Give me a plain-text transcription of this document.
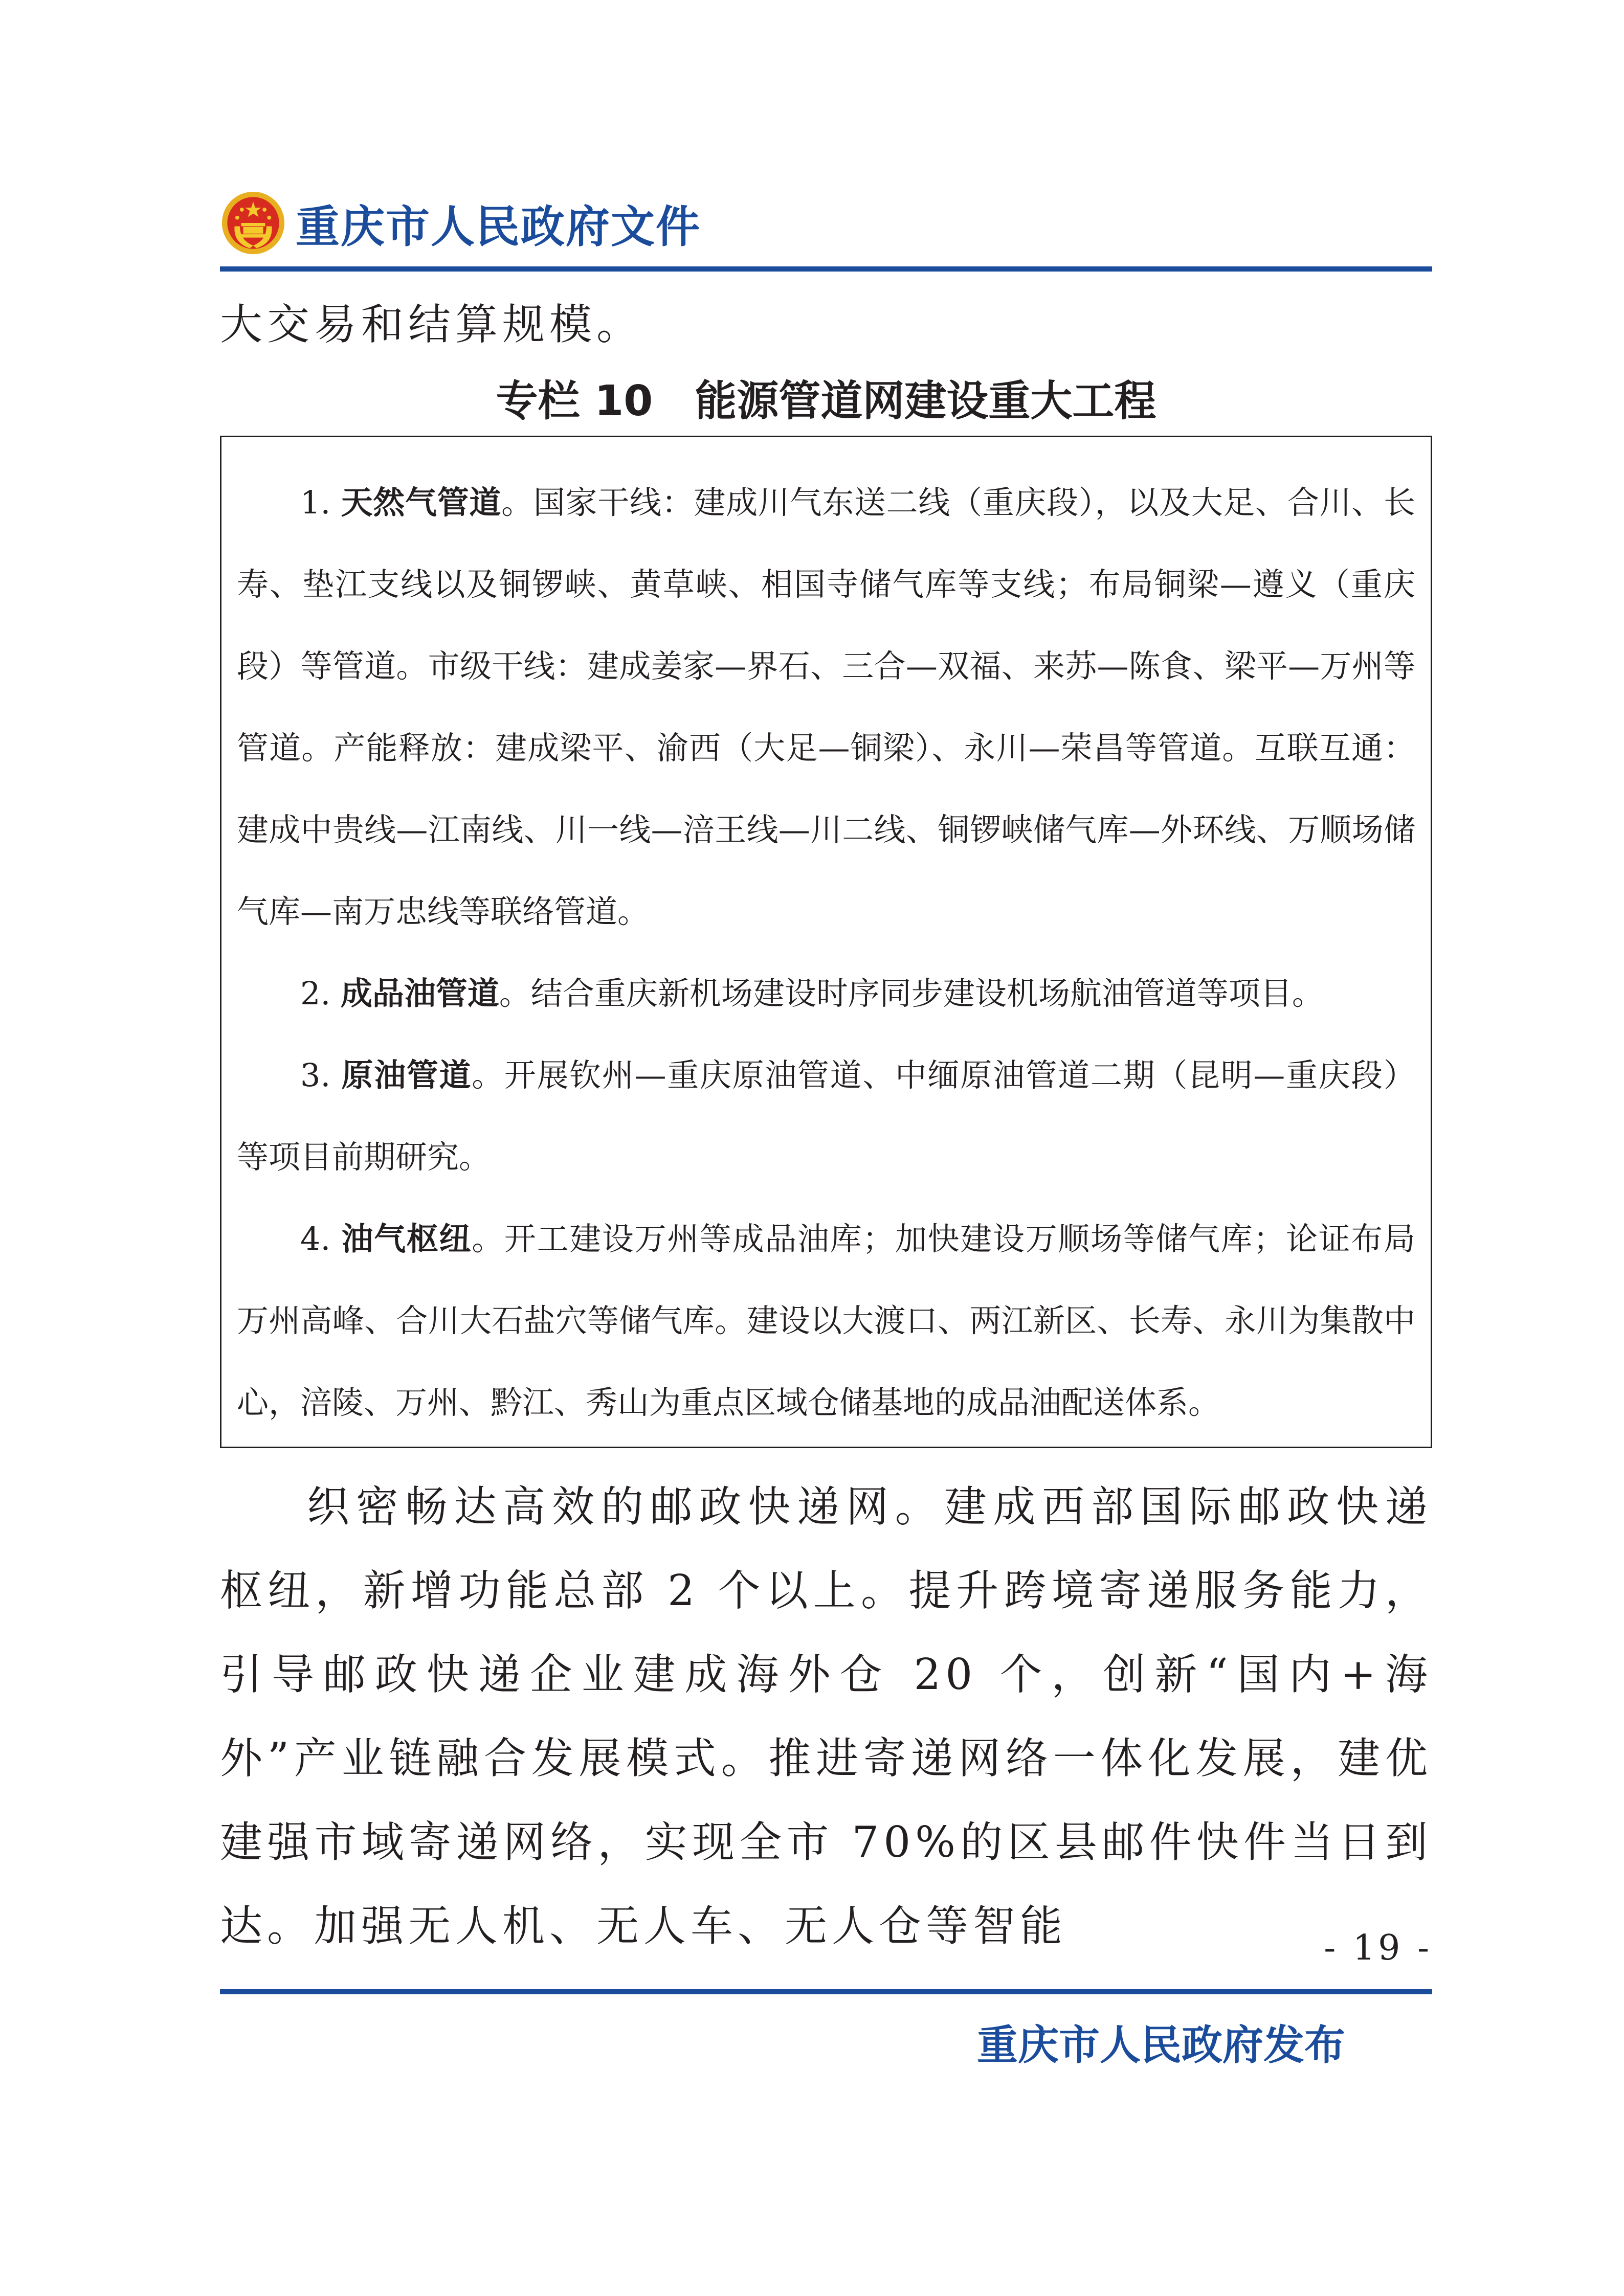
重庆市人民政府文件
大交易和结算规模。
专栏 10　能源管道网建设重大工程

1. 天然气管道。国家干线：建成川气东送二线（重庆段），以及大足、合川、长寿、垫江支线以及铜锣峡、黄草峡、相国寺储气库等支线；布局铜梁—遵义（重庆段）等管道。市级干线：建成姜家—界石、三合—双福、来苏—陈食、梁平—万州等管道。产能释放：建成梁平、渝西（大足—铜梁）、永川—荣昌等管道。互联互通：建成中贵线—江南线、川一线—涪王线—川二线、铜锣峡储气库—外环线、万顺场储气库—南万忠线等联络管道。

2. 成品油管道。结合重庆新机场建设时序同步建设机场航油管道等项目。

3. 原油管道。开展钦州—重庆原油管道、中缅原油管道二期（昆明—重庆段）等项目前期研究。

4. 油气枢纽。开工建设万州等成品油库；加快建设万顺场等储气库；论证布局万州高峰、合川大石盐穴等储气库。建设以大渡口、两江新区、长寿、永川为集散中心，涪陵、万州、黔江、秀山为重点区域仓储基地的成品油配送体系。

织密畅达高效的邮政快递网。建成西部国际邮政快递枢纽，新增功能总部 2 个以上。提升跨境寄递服务能力，引导邮政快递企业建成海外仓 20 个，创新“国内+海外”产业链融合发展模式。推进寄递网络一体化发展，建优建强市域寄递网络，实现全市 70%的区县邮件快件当日到达。加强无人机、无人车、无人仓等智能	- 19 -
重庆市人民政府发布
